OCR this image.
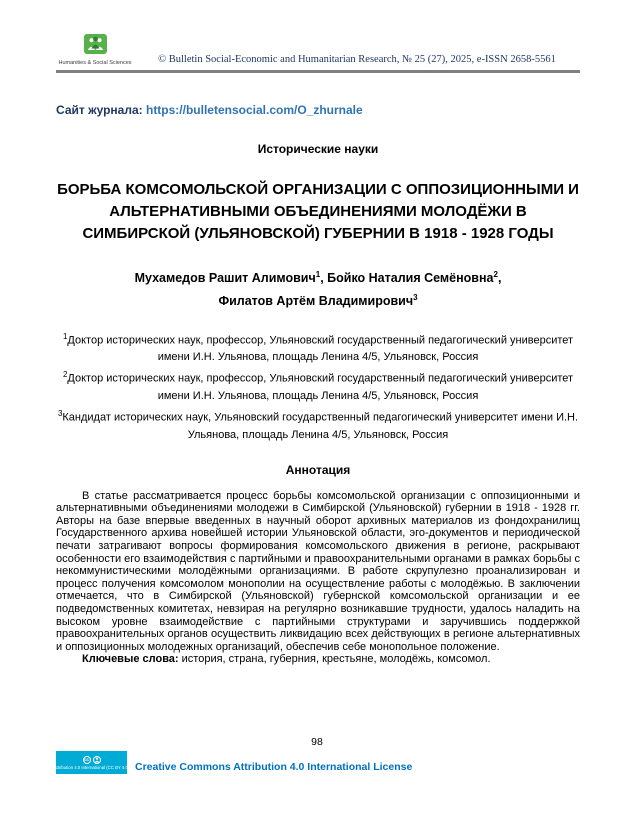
Humanities & Social Sciences	© Bulletin Social-Economic and Humanitarian Research, № 25 (27), 2025, e-ISSN 2658-5561
Сайт журнала: https://bulletensocial.com/O_zhurnale
Исторические науки
БОРЬБА КОМСОМОЛЬСКОЙ ОРГАНИЗАЦИИ С ОППОЗИЦИОННЫМИ И АЛЬТЕРНАТИВНЫМИ ОБЪЕДИНЕНИЯМИ МОЛОДЁЖИ В СИМБИРСКОЙ (УЛЬЯНОВСКОЙ) ГУБЕРНИИ В 1918 - 1928 ГОДЫ
Мухамедов Рашит Алимович$^1$, Бойко Наталия Семёновна$^2$,
Филатов Артём Владимирович$^3$
$^1$Доктор исторических наук, профессор, Ульяновский государственный педагогический университет имени И.Н. Ульянова, площадь Ленина 4/5, Ульяновск, Россия
$^2$Доктор исторических наук, профессор, Ульяновский государственный педагогический университет имени И.Н. Ульянова, площадь Ленина 4/5, Ульяновск, Россия
$^3$Кандидат исторических наук, Ульяновский государственный педагогический университет имени И.Н. Ульянова, площадь Ленина 4/5, Ульяновск, Россия
Аннотация

В статье рассматривается процесс борьбы комсомольской организации с оппозиционными и альтернативными объединениями молодежи в Симбирской (Ульяновской) губернии в 1918 - 1928 гг. Авторы на базе впервые введенных в научный оборот архивных материалов из фондохранилищ Государственного архива новейшей истории Ульяновской области, эго-документов и периодической печати затрагивают вопросы формирования комсомольского движения в регионе, раскрывают особенности его взаимодействия с партийными и правоохранительными органами в рамках борьбы с некоммунистическими молодёжными организациями. В работе скрупулезно проанализирован и процесс получения комсомолом монополии на осуществление работы с молодёжью. В заключении отмечается, что в Симбирской (Ульяновской) губернской комсомольской организации и ее подведомственных комитетах, невзирая на регулярно возникавшие трудности, удалось наладить на высоком уровне взаимодействие с партийными структурами и заручившись поддержкой правоохранительных органов осуществить ликвидацию всех действующих в регионе альтернативных и оппозиционных молодежных организаций, обеспечив себе монопольное положение.

Ключевые слова: история, страна, губерния, крестьяне, молодёжь, комсомол.

98
cc
Attribution 4.0 International (CC BY 4.0) Creative Commons Attribution 4.0 International License
